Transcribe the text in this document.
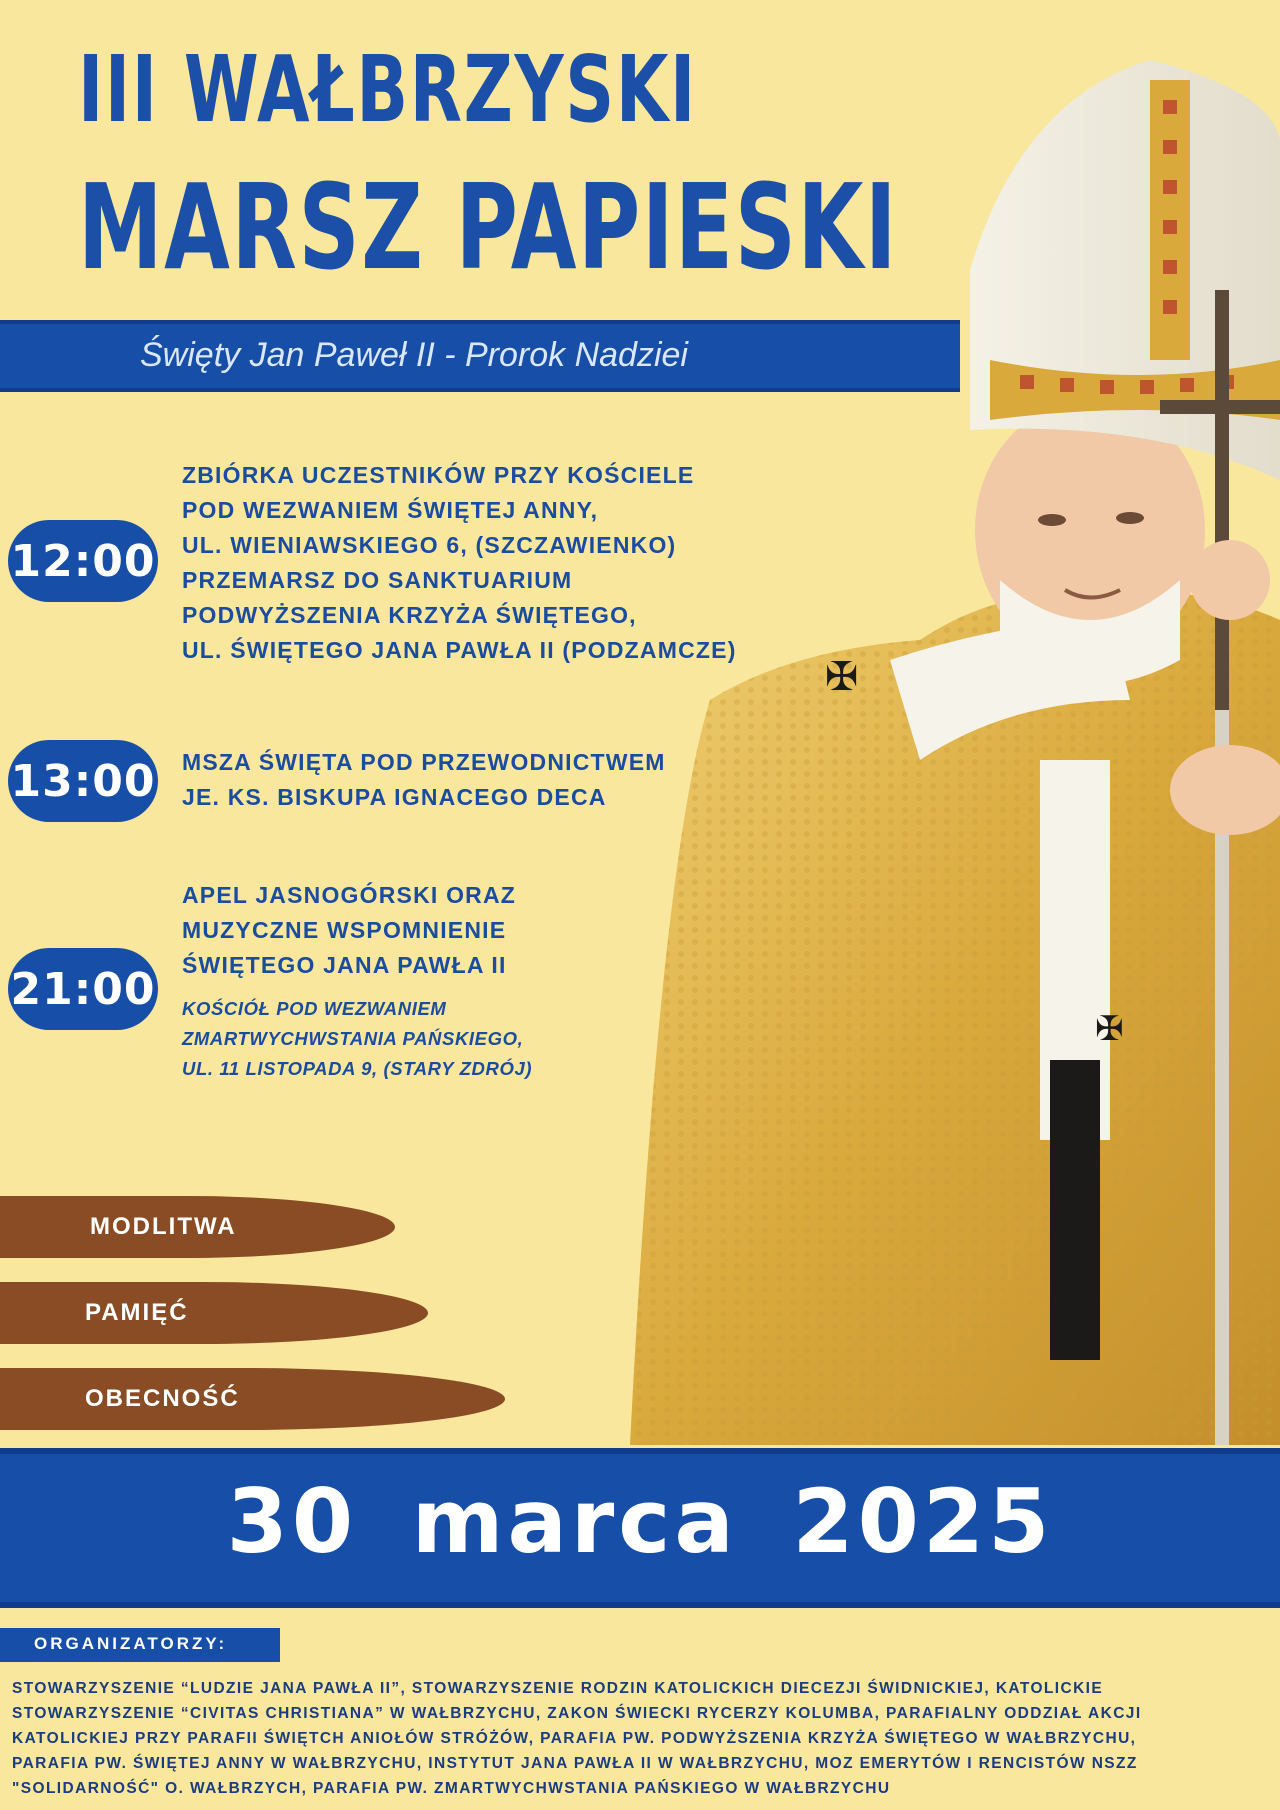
✠
✠
III WAŁBRZYSKI
MARSZ PAPIESKI
Święty Jan Paweł II - Prorok Nadziei
12:00
ZBIÓRKA UCZESTNIKÓW PRZY KOŚCIELE
POD WEZWANIEM ŚWIĘTEJ ANNY,
UL. WIENIAWSKIEGO 6, (SZCZAWIENKO)
PRZEMARSZ DO SANKTUARIUM
PODWYŻSZENIA KRZYŻA ŚWIĘTEGO,
UL. ŚWIĘTEGO JANA PAWŁA II (PODZAMCZE)
13:00 MSZA ŚWIĘTA POD PRZEWODNICTWEM
JE. KS. BISKUPA IGNACEGO DECA
21:00
APEL JASNOGÓRSKI ORAZ
MUZYCZNE WSPOMNIENIE
ŚWIĘTEGO JANA PAWŁA II
KOŚCIÓŁ POD WEZWANIEM
ZMARTWYCHWSTANIA PAŃSKIEGO,
UL. 11 LISTOPADA 9, (STARY ZDRÓJ)
MODLITWA
PAMIĘĆ
OBECNOŚĆ
30 marca 2025
ORGANIZATORZY:
STOWARZYSZENIE “LUDZIE JANA PAWŁA II”, STOWARZYSZENIE RODZIN KATOLICKICH DIECEZJI ŚWIDNICKIEJ, KATOLICKIE
STOWARZYSZENIE “CIVITAS CHRISTIANA” W WAŁBRZYCHU, ZAKON ŚWIECKI RYCERZY KOLUMBA, PARAFIALNY ODDZIAŁ AKCJI
KATOLICKIEJ PRZY PARAFII ŚWIĘTCH ANIOŁÓW STRÓŻÓW, PARAFIA PW. PODWYŻSZENIA KRZYŻA ŚWIĘTEGO W WAŁBRZYCHU,
PARAFIA PW. ŚWIĘTEJ ANNY W WAŁBRZYCHU, INSTYTUT JANA PAWŁA II W WAŁBRZYCHU, MOZ EMERYTÓW I RENCISTÓW NSZZ
"SOLIDARNOŚĆ" O. WAŁBRZYCH, PARAFIA PW. ZMARTWYCHWSTANIA PAŃSKIEGO W WAŁBRZYCHU
